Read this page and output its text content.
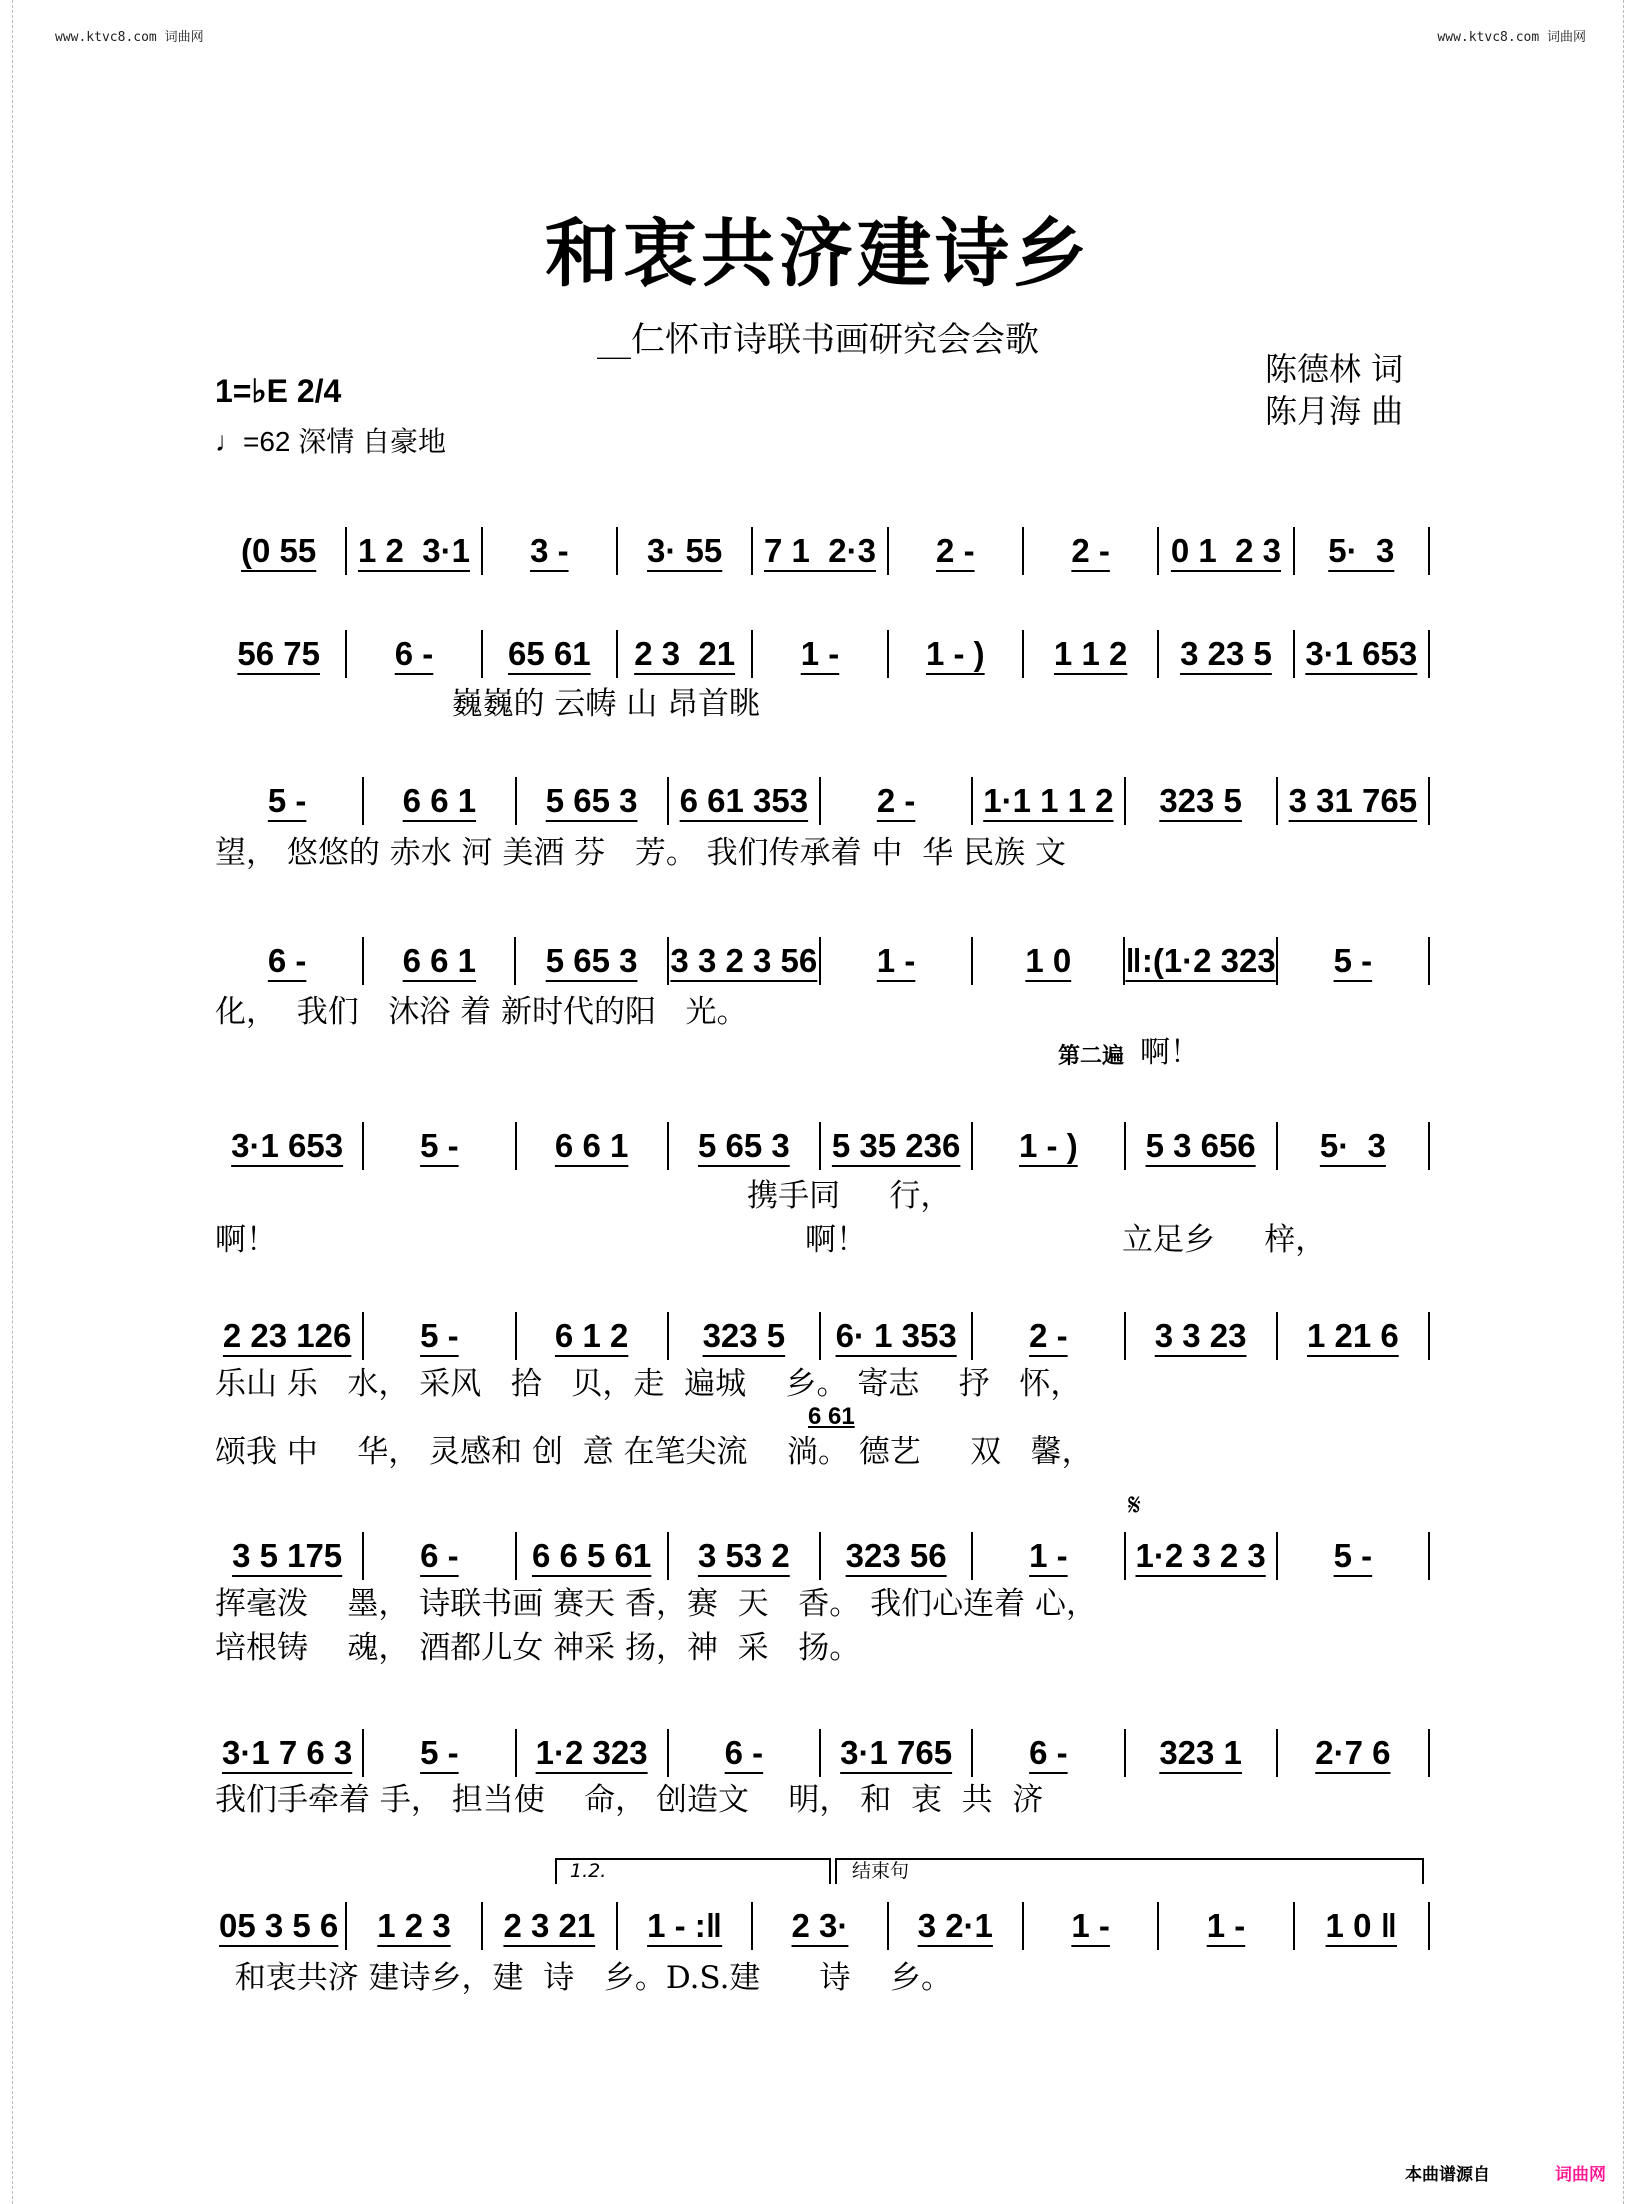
www.ktvc8.com 词曲网	www.ktvc8.com 词曲网
和衷共济建诗乡
__仁怀市诗联书画研究会会歌
陈德林 词
陈月海 曲
1=♭E 2/4
♩=62 深情 自豪地
(0 55	1 2  3·1	3 -	3· 55	7 1  2·3	2 -	2 -	0 1  2 3	5·  3
56 75	6 -	65 61	2 3  21	1 -	1 - )	1 1 2	3 23 5	3·1 653
5 -	6 6 1	5 65 3	6 61 353	2 -	1·1 1 1 2	323 5	3 31 765
6 -	6 6 1	5 65 3 3 3 2 3 56	1 -	1 0	‖:(1·2 323	5 -
3·1 653	5 -	6 6 1	5 65 3	5 35 236	1 - )	5 3 656	5·  3
2 23 126	5 -	6 1 2	323 5	6· 1 353	2 -	3 3 23	1 21 6
3 5 175	6 -	6 6 5 61	3 53 2	323 56	1 -	1·2 3 2 3	5 -
3·1 7 6 3	5 -	1·2 323	6 -	3·1 765	6 -	323 1	2·7 6
05 3 5 6	1 2 3	2 3 21	1 - :‖	2 3·	3 2·1	1 -	1 -	1 0 ‖
巍巍的 云帱 山 昂首眺
望， 悠悠的 赤水 河 美酒 芬   芳。 我们传承着 中  华 民族 文
化，  我们   沐浴 着 新时代的阳   光。
第二遍 啊！
携手同     行，
啊！	啊！	立足乡     梓，
乐山 乐   水， 采风   拾   贝，走  遍城    乡。 寄志    抒   怀，
6 61
颂我 中    华， 灵感和 创  意 在笔尖流    淌。 德艺     双   馨，
𝄋
挥毫泼    墨， 诗联书画 赛天 香，赛  天   香。 我们心连着 心，
培根铸    魂， 酒都儿女 神采 扬，神  采   扬。
我们手牵着 手， 担当使    命， 创造文    明， 和  衷  共  济
1.2.	结束句
和衷共济 建诗乡，建  诗   乡。D.S.建      诗    乡。
本曲谱源自	词曲网
